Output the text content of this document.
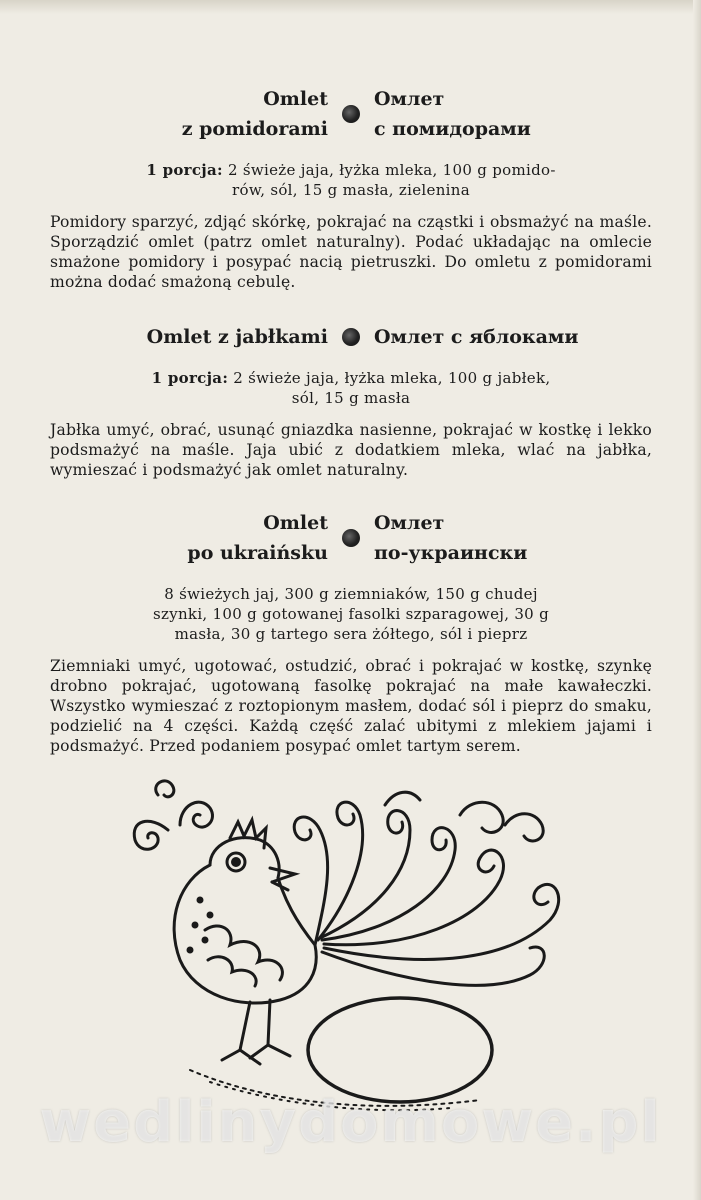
Omlet
z pomidorami
Омлет
с помидорами
1 porcja: 2 świeże jaja, łyżka mleka, 100 g pomido-
rów, sól, 15 g masła, zielenina
Pomidory sparzyć, zdjąć skórkę, pokrajać na cząstki i obsmażyć na maśle. Sporządzić omlet (patrz omlet naturalny). Podać układając na omlecie smażone pomidory i posypać nacią pietruszki. Do omletu z pomidorami można dodać smażoną cebulę.
Omlet z jabłkami Омлет с яблоками
1 porcja: 2 świeże jaja, łyżka mleka, 100 g jabłek,
sól, 15 g masła
Jabłka umyć, obrać, usunąć gniazdka nasienne, pokrajać w kostkę i lekko podsmażyć na maśle. Jaja ubić z dodatkiem mleka, wlać na jabłka, wymieszać i podsmażyć jak omlet naturalny.
Omlet
po ukraińsku
Омлет
по-украински
8 świeżych jaj, 300 g ziemniaków, 150 g chudej
szynki, 100 g gotowanej fasolki szparagowej, 30 g
masła, 30 g tartego sera żółtego, sól i pieprz
Ziemniaki umyć, ugotować, ostudzić, obrać i pokrajać w kostkę, szynkę drobno pokrajać, ugotowaną fasolkę pokrajać na małe kawałeczki. Wszystko wymieszać z roztopionym masłem, dodać sól i pieprz do smaku, podzielić na 4 części. Każdą część zalać ubitymi z mlekiem jajami i podsmażyć. Przed podaniem posypać omlet tartym serem.
wedlinydomowe.pl
